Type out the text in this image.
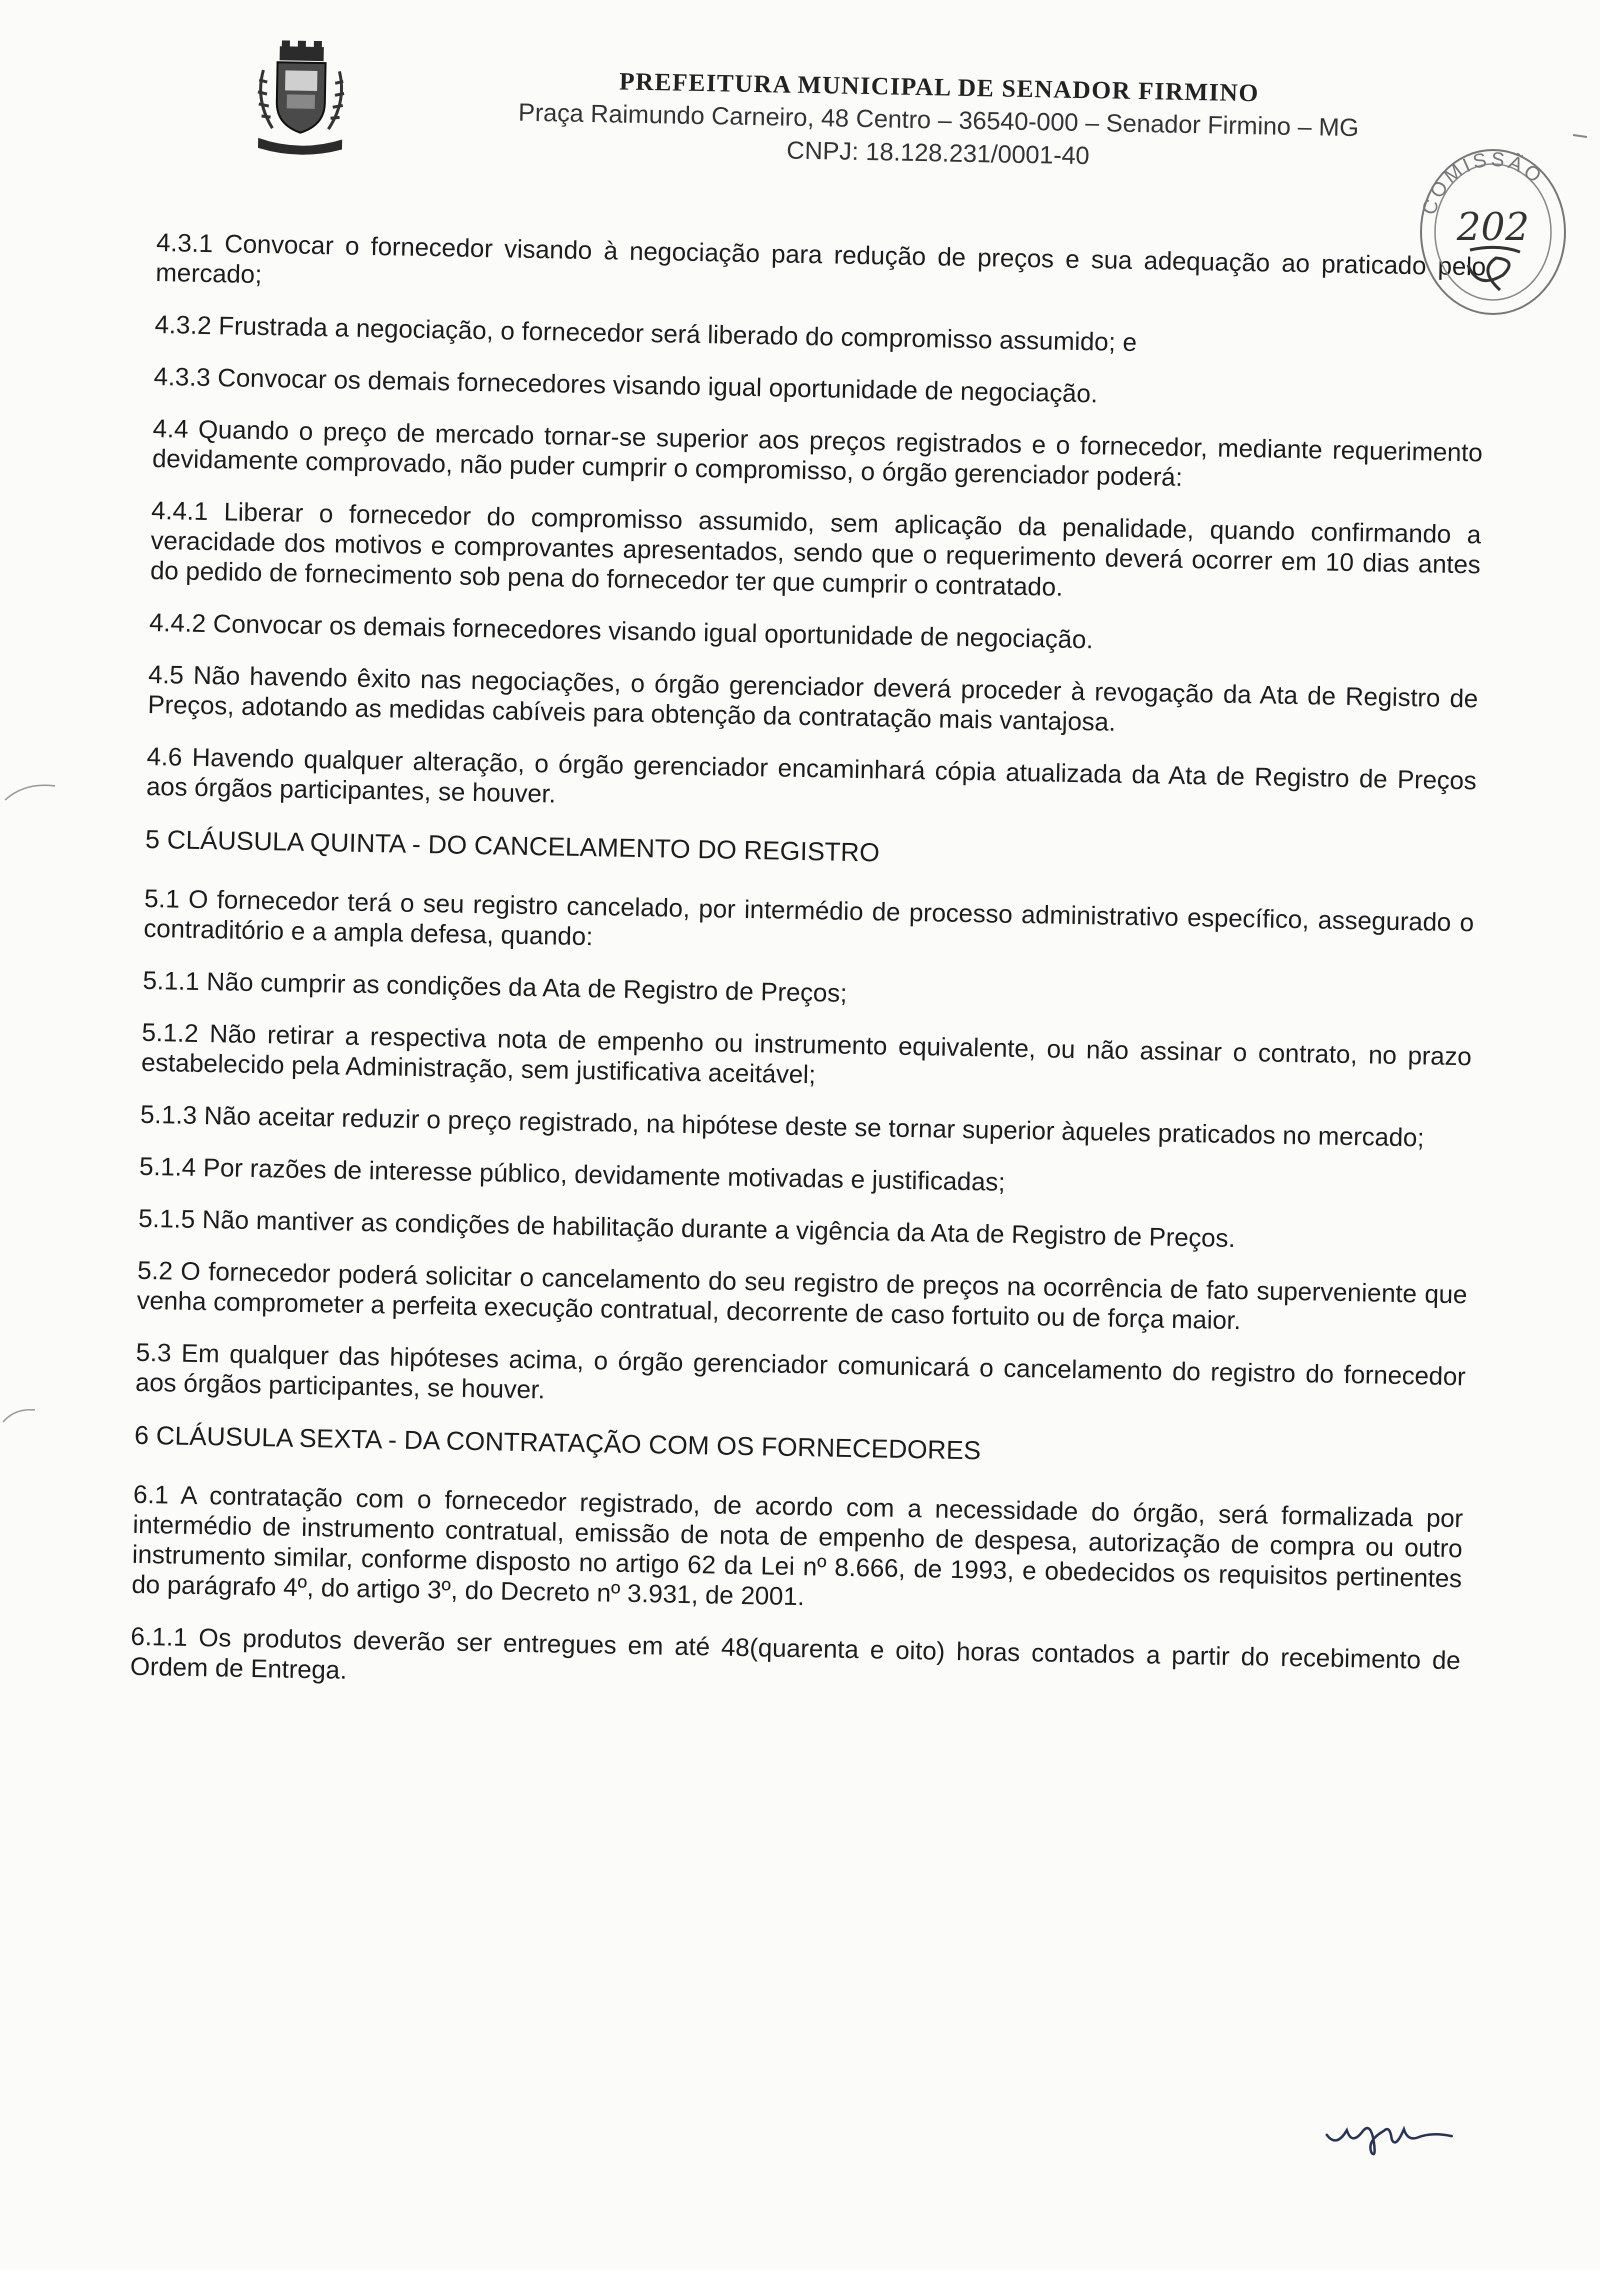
PREFEITURA MUNICIPAL DE SENADOR FIRMINO
Praça Raimundo Carneiro, 48 Centro – 36540-000 – Senador Firmino – MG
CNPJ: 18.128.231/0001-40

4.3.1 Convocar o fornecedor visando à negociação para redução de preços e sua adequação ao praticado pelo mercado;

4.3.2 Frustrada a negociação, o fornecedor será liberado do compromisso assumido; e

4.3.3 Convocar os demais fornecedores visando igual oportunidade de negociação.

4.4 Quando o preço de mercado tornar-se superior aos preços registrados e o fornecedor, mediante requerimento devidamente comprovado, não puder cumprir o compromisso, o órgão gerenciador poderá:

4.4.1 Liberar o fornecedor do compromisso assumido, sem aplicação da penalidade, quando confirmando a veracidade dos motivos e comprovantes apresentados, sendo que o requerimento deverá ocorrer em 10 dias antes do pedido de fornecimento sob pena do fornecedor ter que cumprir o contratado.

4.4.2 Convocar os demais fornecedores visando igual oportunidade de negociação.

4.5 Não havendo êxito nas negociações, o órgão gerenciador deverá proceder à revogação da Ata de Registro de Preços, adotando as medidas cabíveis para obtenção da contratação mais vantajosa.

4.6 Havendo qualquer alteração, o órgão gerenciador encaminhará cópia atualizada da Ata de Registro de Preços aos órgãos participantes, se houver.

5 CLÁUSULA QUINTA - DO CANCELAMENTO DO REGISTRO

5.1 O fornecedor terá o seu registro cancelado, por intermédio de processo administrativo específico, assegurado o contraditório e a ampla defesa, quando:

5.1.1 Não cumprir as condições da Ata de Registro de Preços;

5.1.2 Não retirar a respectiva nota de empenho ou instrumento equivalente, ou não assinar o contrato, no prazo estabelecido pela Administração, sem justificativa aceitável;

5.1.3 Não aceitar reduzir o preço registrado, na hipótese deste se tornar superior àqueles praticados no mercado;

5.1.4 Por razões de interesse público, devidamente motivadas e justificadas;

5.1.5 Não mantiver as condições de habilitação durante a vigência da Ata de Registro de Preços.

5.2 O fornecedor poderá solicitar o cancelamento do seu registro de preços na ocorrência de fato superveniente que venha comprometer a perfeita execução contratual, decorrente de caso fortuito ou de força maior.

5.3 Em qualquer das hipóteses acima, o órgão gerenciador comunicará o cancelamento do registro do fornecedor aos órgãos participantes, se houver.

6 CLÁUSULA SEXTA - DA CONTRATAÇÃO COM OS FORNECEDORES

6.1 A contratação com o fornecedor registrado, de acordo com a necessidade do órgão, será formalizada por intermédio de instrumento contratual, emissão de nota de empenho de despesa, autorização de compra ou outro instrumento similar, conforme disposto no artigo 62 da Lei nº 8.666, de 1993, e obedecidos os requisitos pertinentes do parágrafo 4º, do artigo 3º, do Decreto nº 3.931, de 2001.

6.1.1 Os produtos deverão ser entregues em até 48(quarenta e oito) horas contados a partir do recebimento de Ordem de Entrega.

COMISSÃO
202
